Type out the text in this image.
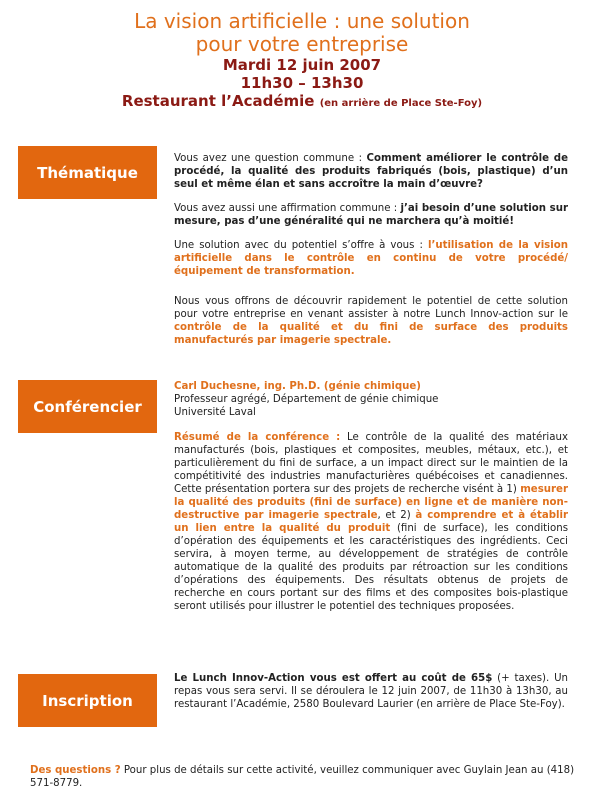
La vision artificielle : une solution
pour votre entreprise
Mardi 12 juin 2007
11h30 – 13h30
Restaurant l’Académie (en arrière de Place Ste-Foy)
Thématique

Vous avez une question commune : Comment améliorer le contrôle de procédé, la qualité des produits fabriqués (bois, plastique) d’un seul et même élan et sans accroître la main d’œuvre?

Vous avez aussi une affirmation commune : j’ai besoin d’une solution sur mesure, pas d’une généralité qui ne marchera qu’à moitié!

Une solution avec du potentiel s’offre à vous : l’utilisation de la vision artificielle dans le contrôle en continu de votre procédé/ équipement de transformation.

Nous vous offrons de découvrir rapidement le potentiel de cette solution pour votre entreprise en venant assister à notre Lunch Innov-action sur le contrôle de la qualité et du fini de surface des produits manufacturés par imagerie spectrale.

Conférencier

Carl Duchesne, ing. Ph.D. (génie chimique)
Professeur agrégé, Département de génie chimique
Université Laval

Résumé de la conférence : Le contrôle de la qualité des matériaux manufacturés (bois, plastiques et composites, meubles, métaux, etc.), et particulièrement du fini de surface, a un impact direct sur le maintien de la compétitivité des industries manufacturières québécoises et canadiennes. Cette présentation portera sur des projets de recherche visént à 1) mesurer la qualité des produits (fini de surface) en ligne et de manière non-destructive par imagerie spectrale, et 2) à comprendre et à établir un lien entre la qualité du produit (fini de surface), les conditions d’opération des équipements et les caractéristiques des ingrédients. Ceci servira, à moyen terme, au développement de stratégies de contrôle automatique de la qualité des produits par rétroaction sur les conditions d’opérations des équipements. Des résultats obtenus de projets de recherche en cours portant sur des films et des composites bois-plastique seront utilisés pour illustrer le potentiel des techniques proposées.

Inscription

Le Lunch Innov-Action vous est offert au coût de 65$ (+ taxes). Un repas vous sera servi. Il se déroulera le 12 juin 2007, de 11h30 à 13h30, au restaurant l’Académie, 2580 Boulevard Laurier (en arrière de Place Ste-Foy).

Des questions ? Pour plus de détails sur cette activité, veuillez communiquer avec Guylain Jean au (418) 571-8779.
